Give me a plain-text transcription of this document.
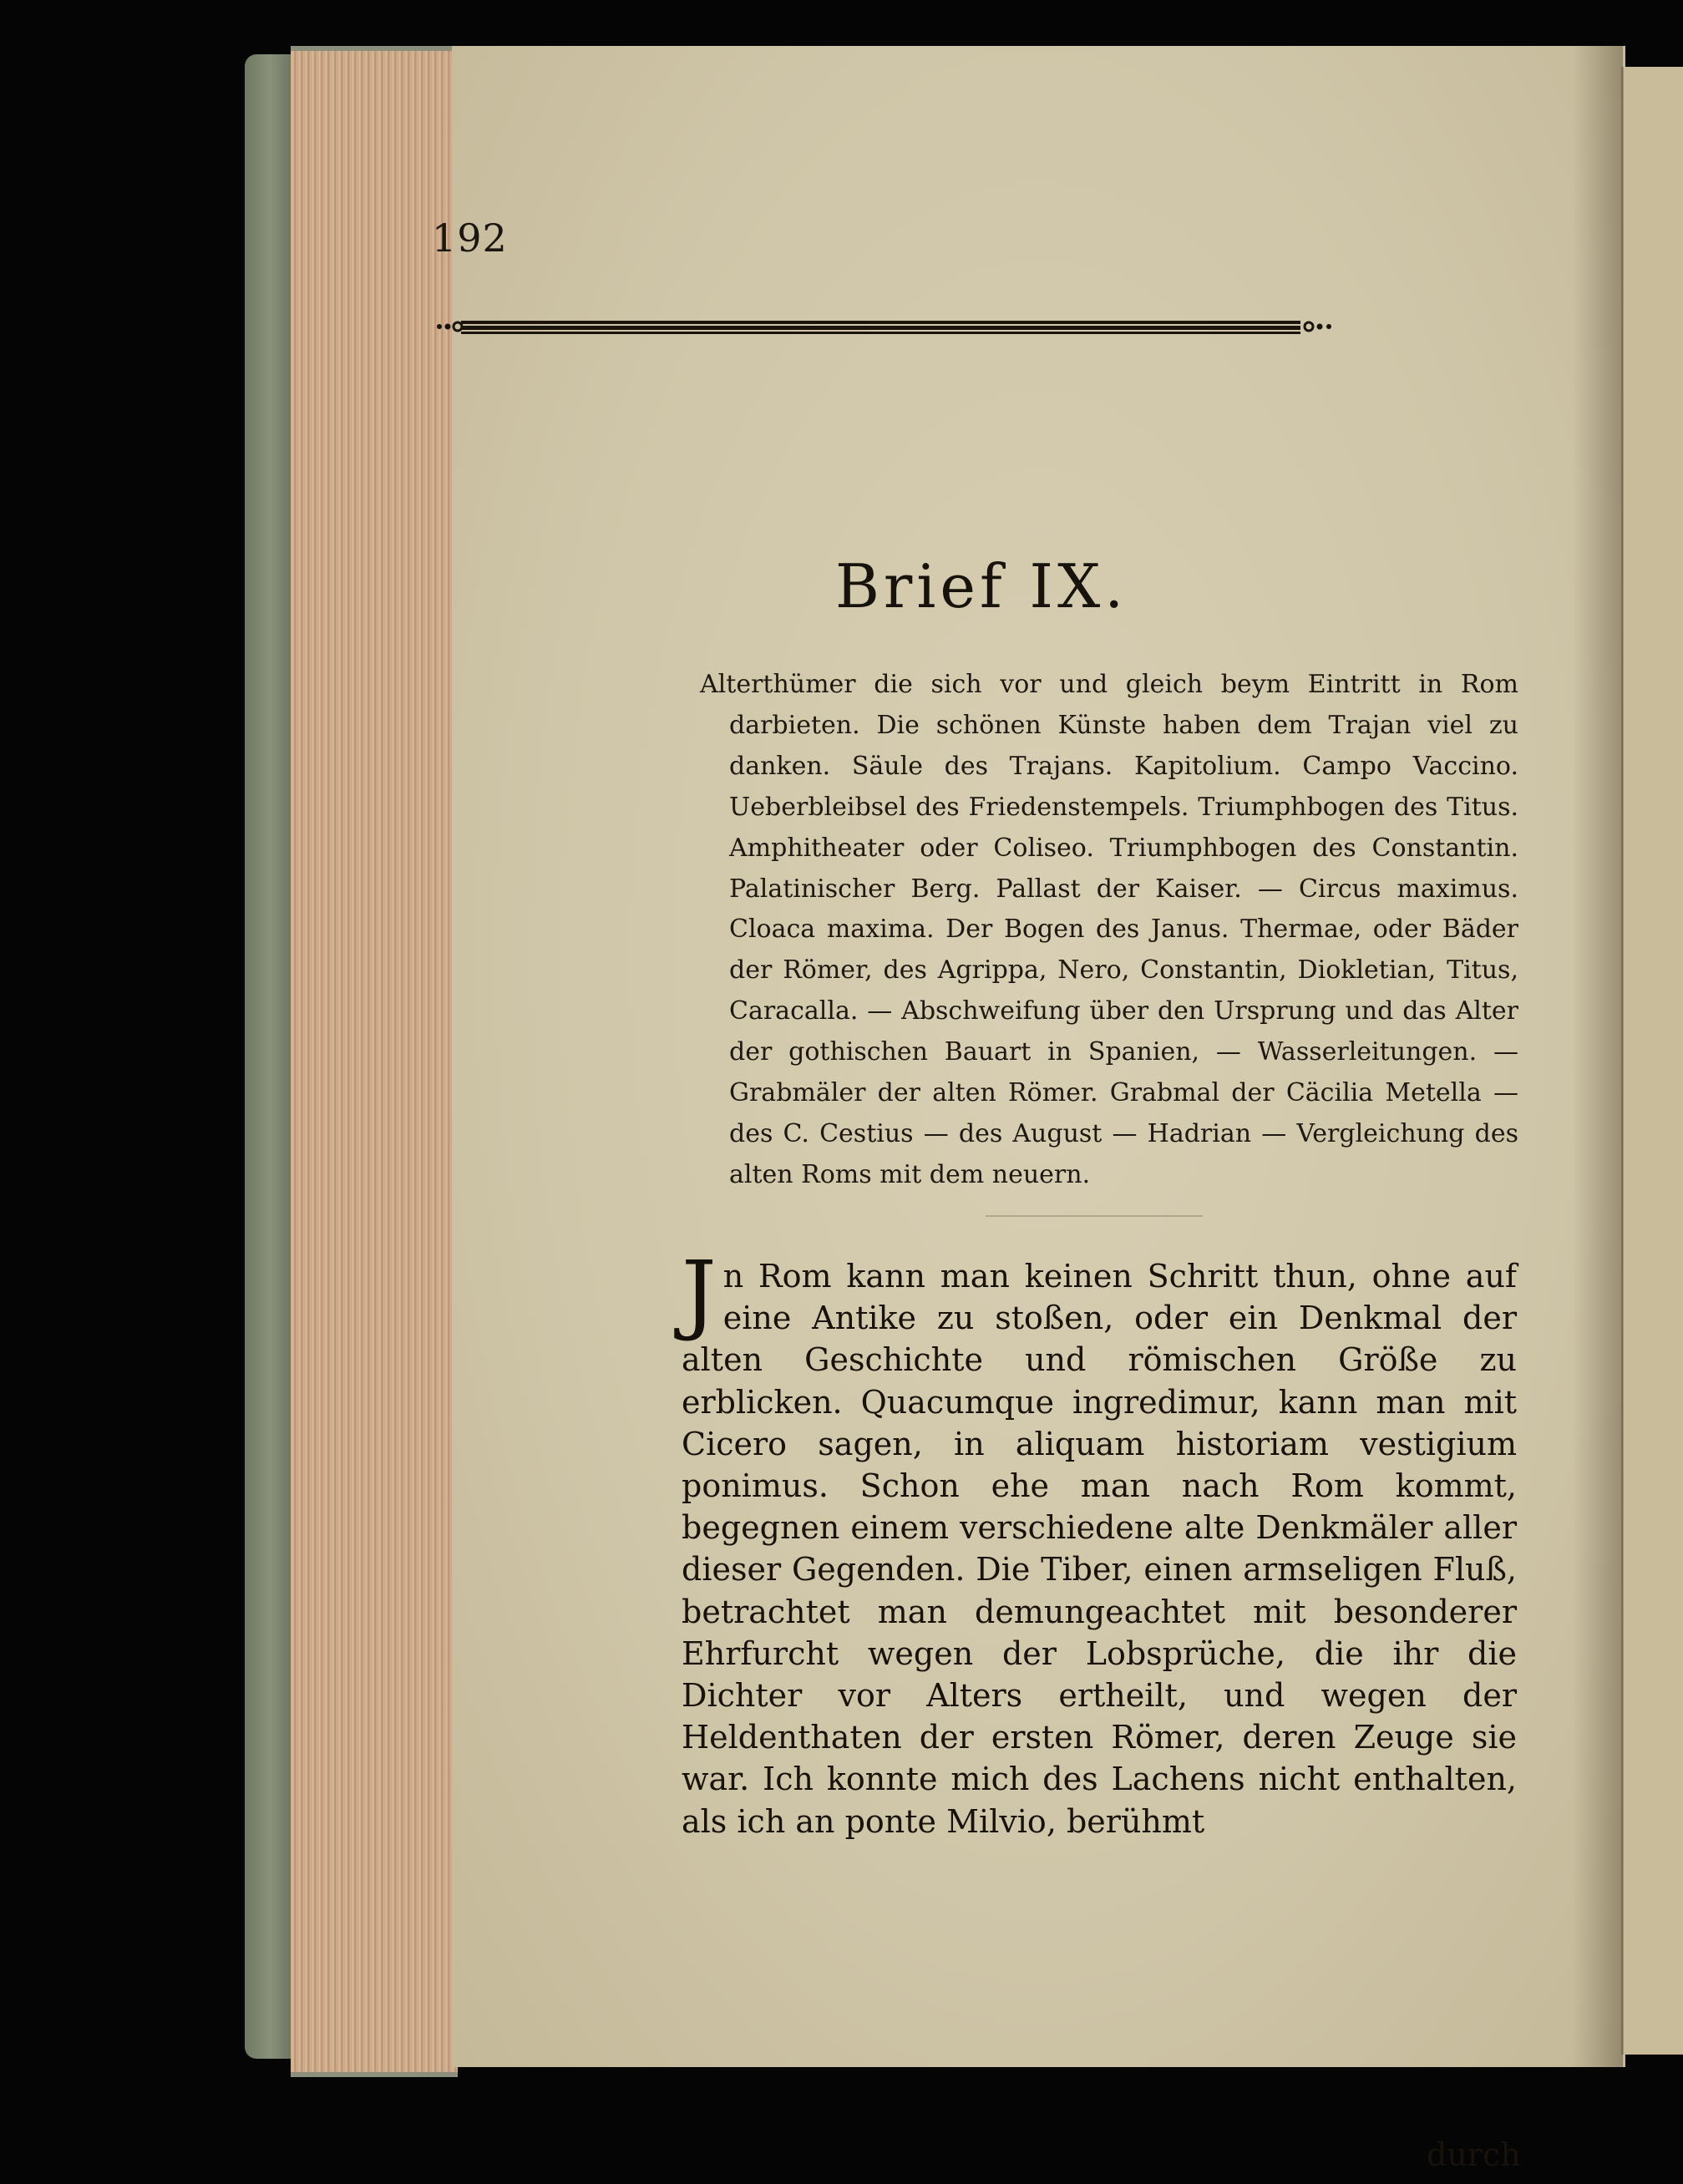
192
Brief IX.
Alterthümer die sich vor und gleich beym Eintritt in Rom darbieten. Die schönen Künste haben dem Trajan viel zu danken. Säule des Trajans. Kapitolium. Campo Vaccino. Ueberbleibsel des Friedenstempels. Triumphbogen des Titus. Amphitheater oder Coliseo. Triumphbogen des Constantin. Palatinischer Berg. Pallast der Kaiser. — Circus maximus. Cloaca maxima. Der Bogen des Janus. Thermae, oder Bäder der Römer, des Agrippa, Nero, Constantin, Diokletian, Titus, Caracalla. — Abschweifung über den Ursprung und das Alter der gothischen Bauart in Spanien, — Wasserleitungen. — Grabmäler der alten Römer. Grabmal der Cäcilia Metella — des C. Cestius — des August — Hadrian — Vergleichung des alten Roms mit dem neuern.
J n Rom kann man keinen Schritt thun, ohne auf eine Antike zu stoßen, oder ein Denkmal der alten Geschichte und römischen Größe zu erblicken. Quacumque ingredimur, kann man mit Cicero sagen, in aliquam historiam vestigium ponimus. Schon ehe man nach Rom kommt, begegnen einem verschiedene alte Denkmäler aller dieser Gegenden. Die Tiber, einen armseligen Fluß, betrachtet man demungeachtet mit besonderer Ehrfurcht wegen der Lobsprüche, die ihr die Dichter vor Alters ertheilt, und wegen der Heldenthaten der ersten Römer, deren Zeuge sie war. Ich konnte mich des Lachens nicht enthalten, als ich an ponte Milvio, berühmt
durch
